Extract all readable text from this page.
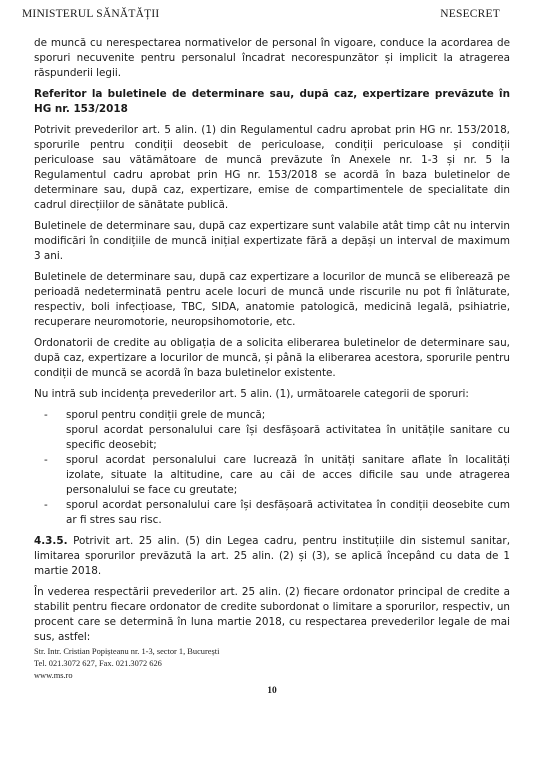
MINISTERUL SĂNĂTĂȚII	NESECRET

de muncă cu nerespectarea normativelor de personal în vigoare, conduce la acordarea de sporuri necuvenite pentru personalul încadrat necorespunzător și implicit la atragerea răspunderii legii.

Referitor la buletinele de determinare sau, după caz, expertizare prevăzute în HG nr. 153/2018

Potrivit prevederilor art. 5 alin. (1) din Regulamentul cadru aprobat prin HG nr. 153/2018, sporurile pentru condiții deosebit de periculoase, condiții periculoase și condiții periculoase sau vătămătoare de muncă prevăzute în Anexele nr. 1-3 și nr. 5 la Regulamentul cadru aprobat prin HG nr. 153/2018 se acordă în baza buletinelor de determinare sau, după caz, expertizare, emise de compartimentele de specialitate din cadrul direcțiilor de sănătate publică.

Buletinele de determinare sau, după caz expertizare sunt valabile atât timp cât nu intervin modificări în condițiile de muncă inițial expertizate fără a depăși un interval de maximum 3 ani.

Buletinele de determinare sau, după caz expertizare a locurilor de muncă se eliberează pe perioadă nedeterminată pentru acele locuri de muncă unde riscurile nu pot fi înlăturate, respectiv, boli infecțioase, TBC, SIDA, anatomie patologică, medicină legală, psihiatrie, recuperare neuromotorie, neuropsihomotorie, etc.

Ordonatorii de credite au obligația de a solicita eliberarea buletinelor de determinare sau, după caz, expertizare a locurilor de muncă, și până la eliberarea acestora, sporurile pentru condiții de muncă se acordă în baza buletinelor existente.

Nu intră sub incidența prevederilor art. 5 alin. (1), următoarele categorii de sporuri:

- sporul pentru condiții grele de muncă;
sporul acordat personalului care își desfășoară activitatea în unitățile sanitare cu specific deosebit;
- sporul acordat personalului care lucrează în unități sanitare aflate în localități izolate, situate la altitudine, care au căi de acces dificile sau unde atragerea personalului se face cu greutate;
- sporul acordat personalului care își desfășoară activitatea în condiții deosebite cum ar fi stres sau risc.

4.3.5. Potrivit art. 25 alin. (5) din Legea cadru, pentru instituțiile din sistemul sanitar, limitarea sporurilor prevăzută la art. 25 alin. (2) și (3), se aplică începând cu data de 1 martie 2018.

În vederea respectării prevederilor art. 25 alin. (2) fiecare ordonator principal de credite a stabilit pentru fiecare ordonator de credite subordonat o limitare a sporurilor, respectiv, un procent care se determină în luna martie 2018, cu respectarea prevederilor legale de mai sus, astfel:

Str. Intr. Cristian Popișteanu nr. 1-3, sector 1, București
Tel. 021.3072 627, Fax. 021.3072 626
www.ms.ro
10
